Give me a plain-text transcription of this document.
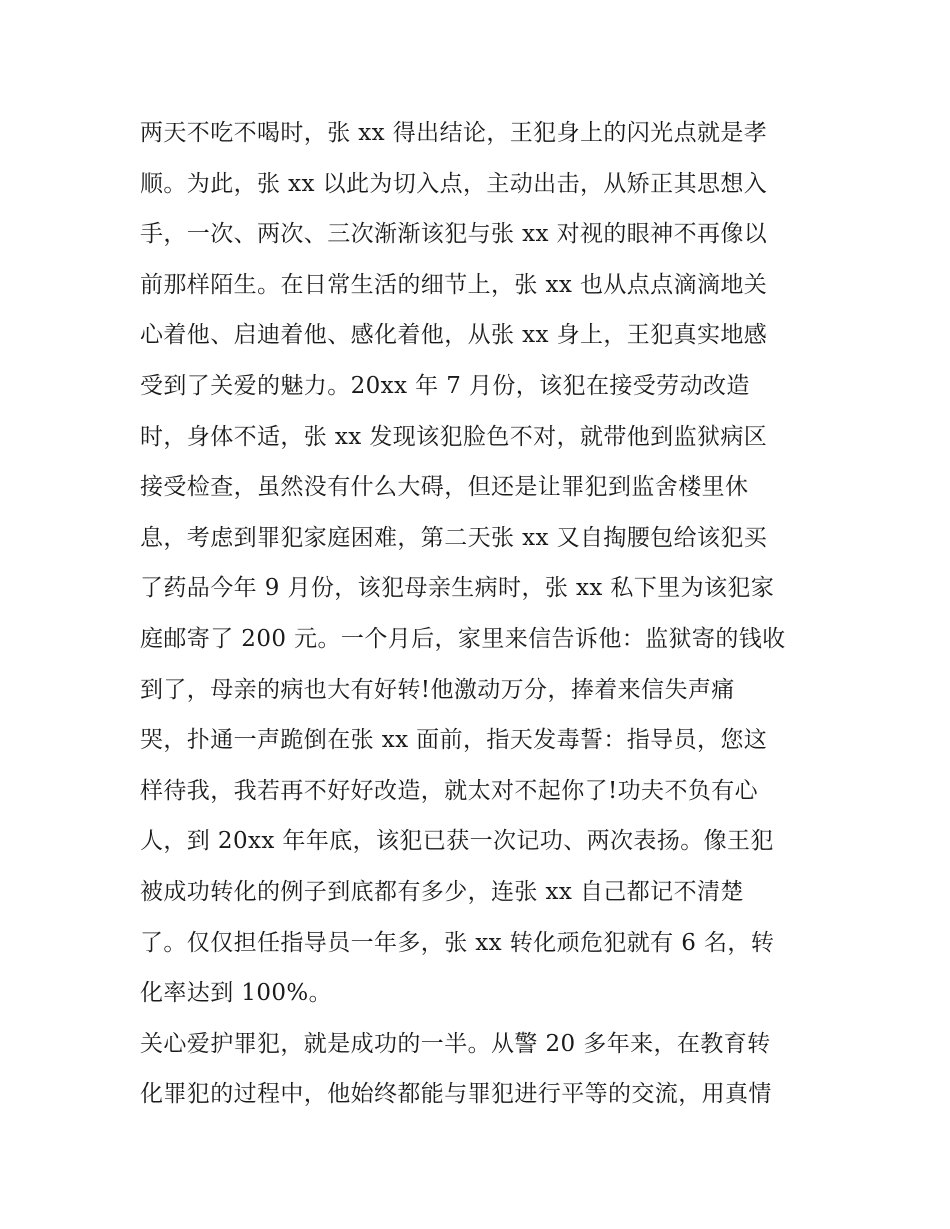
两天不吃不喝时，张 xx 得出结论，王犯身上的闪光点就是孝
顺。为此，张 xx 以此为切入点，主动出击，从矫正其思想入
手，一次、两次、三次渐渐该犯与张 xx 对视的眼神不再像以
前那样陌生。在日常生活的细节上，张 xx 也从点点滴滴地关
心着他、启迪着他、感化着他，从张 xx 身上，王犯真实地感
受到了关爱的魅力。20xx 年 7 月份，该犯在接受劳动改造
时，身体不适，张 xx 发现该犯脸色不对，就带他到监狱病区
接受检查，虽然没有什么大碍，但还是让罪犯到监舍楼里休
息，考虑到罪犯家庭困难，第二天张 xx 又自掏腰包给该犯买
了药品今年 9 月份，该犯母亲生病时，张 xx 私下里为该犯家
庭邮寄了 200 元。一个月后，家里来信告诉他：监狱寄的钱收
到了，母亲的病也大有好转!他激动万分，捧着来信失声痛
哭，扑通一声跪倒在张 xx 面前，指天发毒誓：指导员，您这
样待我，我若再不好好改造，就太对不起你了!功夫不负有心
人，到 20xx 年年底，该犯已获一次记功、两次表扬。像王犯
被成功转化的例子到底都有多少，连张 xx 自己都记不清楚
了。仅仅担任指导员一年多，张 xx 转化顽危犯就有 6 名，转
化率达到 100%。
关心爱护罪犯，就是成功的一半。从警 20 多年来，在教育转
化罪犯的过程中，他始终都能与罪犯进行平等的交流，用真情
